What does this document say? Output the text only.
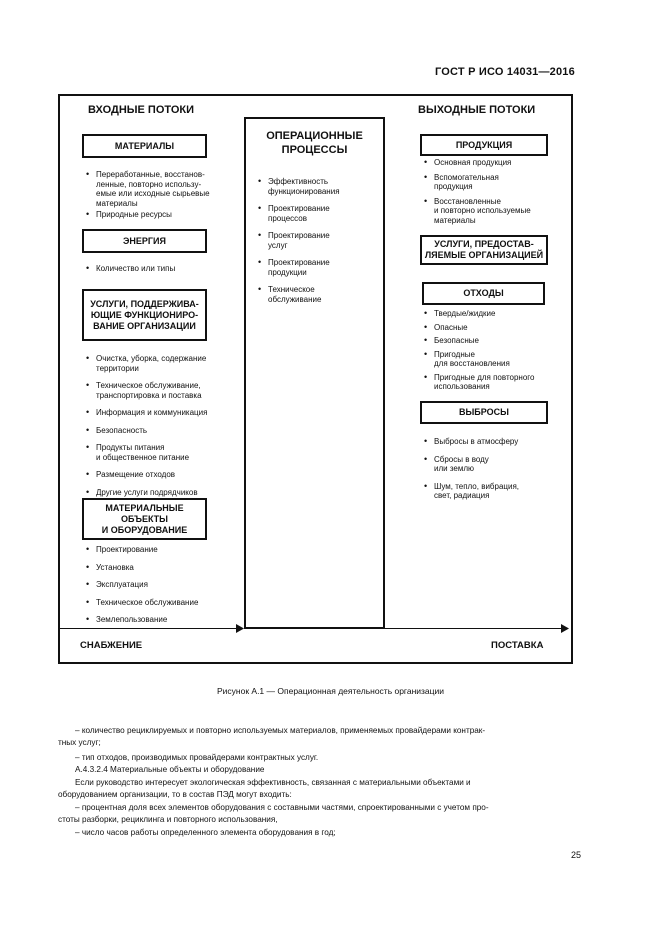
ГОСТ Р ИСО 14031—2016
ВХОДНЫЕ ПОТОКИ	ВЫХОДНЫЕ ПОТОКИ
ОПЕРАЦИОННЫЕ
ПРОЦЕССЫ
• Эффективность
функционирования
• Проектирование
процессов
• Проектирование
услуг
• Проектирование
продукции
• Техническое
обслуживание
МАТЕРИАЛЫ
• Переработанные, восстанов-
ленные, повторно использу-
емые или исходные сырьевые
материалы
• Природные ресурсы
ЭНЕРГИЯ
• Количество или типы
УСЛУГИ, ПОДДЕРЖИВА-
ЮЩИЕ ФУНКЦИОНИРО-
ВАНИЕ ОРГАНИЗАЦИИ
• Очистка, уборка, содержание
территории
• Техническое обслуживание,
транспортировка и поставка
• Информация и коммуникация
• Безопасность
• Продукты питания
и общественное питание
• Размещение отходов
• Другие услуги подрядчиков
МАТЕРИАЛЬНЫЕ
ОБЪЕКТЫ
И ОБОРУДОВАНИЕ
• Проектирование
• Установка
• Эксплуатация
• Техническое обслуживание
• Землепользование
ПРОДУКЦИЯ
• Основная продукция
• Вспомогательная
продукция
• Восстановленные
и повторно используемые
материалы
УСЛУГИ, ПРЕДОСТАВ-
ЛЯЕМЫЕ ОРГАНИЗАЦИЕЙ
ОТХОДЫ
• Твердые/жидкие
• Опасные
• Безопасные
• Пригодные
для восстановления
• Пригодные для повторного
использования
ВЫБРОСЫ
• Выбросы в атмосферу
• Сбросы в воду
или землю
• Шум, тепло, вибрация,
свет, радиация
СНАБЖЕНИЕ	ПОСТАВКА
Рисунок А.1 — Операционная деятельность организации
– количество рециклируемых и повторно используемых материалов, применяемых провайдерами контрак-
тных услуг;
– тип отходов, производимых провайдерами контрактных услуг.
А.4.3.2.4 Материальные объекты и оборудование
Если руководство интересует экологическая эффективность, связанная с материальными объектами и
оборудованием организации, то в состав ПЭД могут входить:
– процентная доля всех элементов оборудования с составными частями, спроектированными с учетом про-
стоты разборки, рециклинга и повторного использования,
– число часов работы определенного элемента оборудования в год;
25
